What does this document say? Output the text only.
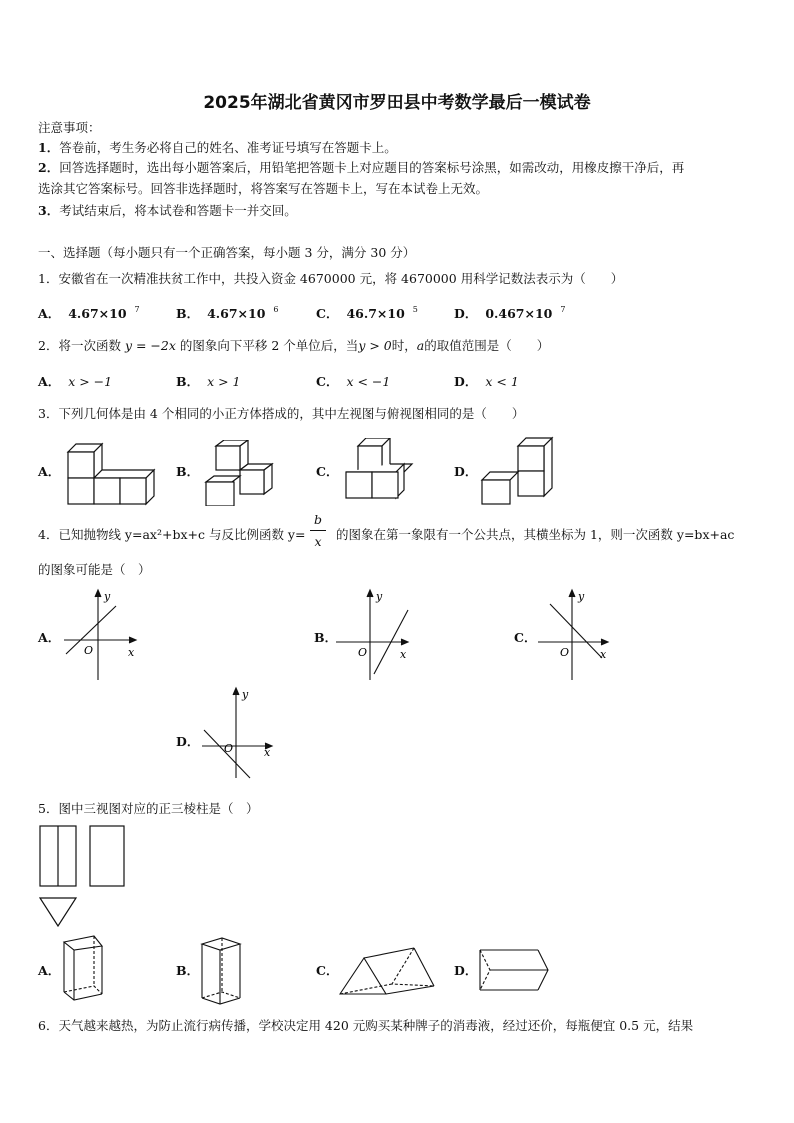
2025年湖北省黄冈市罗田县中考数学最后一模试卷
注意事项：
1．答卷前，考生务必将自己的姓名、准考证号填写在答题卡上。
2．回答选择题时，选出每小题答案后，用铅笔把答题卡上对应题目的答案标号涂黑，如需改动，用橡皮擦干净后，再
选涂其它答案标号。回答非选择题时，将答案写在答题卡上，写在本试卷上无效。
3．考试结束后，将本试卷和答题卡一并交回。
一、选择题（每小题只有一个正确答案，每小题 3 分，满分 30 分）
1．安徽省在一次精准扶贫工作中，共投入资金 4670000 元，将 4670000 用科学记数法表示为（　　）
A． 4.67×10 $^7$	B． 4.67×10 $^6$	C． 46.7×10 $^5$	D． 0.467×10 $^7$
2．将一次函数 y = −2x 的图象向下平移 2 个单位后，当y > 0时，a的取值范围是（　　）
A． x > −1	B． x > 1	C． x < −1	D． x < 1
3．下列几何体是由 4 个相同的小正方体搭成的，其中左视图与俯视图相同的是（　　）
A．	B．	C．	D．
4．已知抛物线 y=ax²+bx+c 与反比例函数 y=
b
x	的图象在第一象限有一个公共点，其横坐标为 1，则一次函数 y=bx+ac
的图象可能是（　）
A．	B．	C．
D．
y
x
O
y
x
O
y
x
O
y
x
O
5．图中三视图对应的正三棱柱是（　）
A．	B．	C．	D．
6．天气越来越热，为防止流行病传播，学校决定用 420 元购买某种牌子的消毒液，经过还价，每瓶便宜 0.5 元，结果
